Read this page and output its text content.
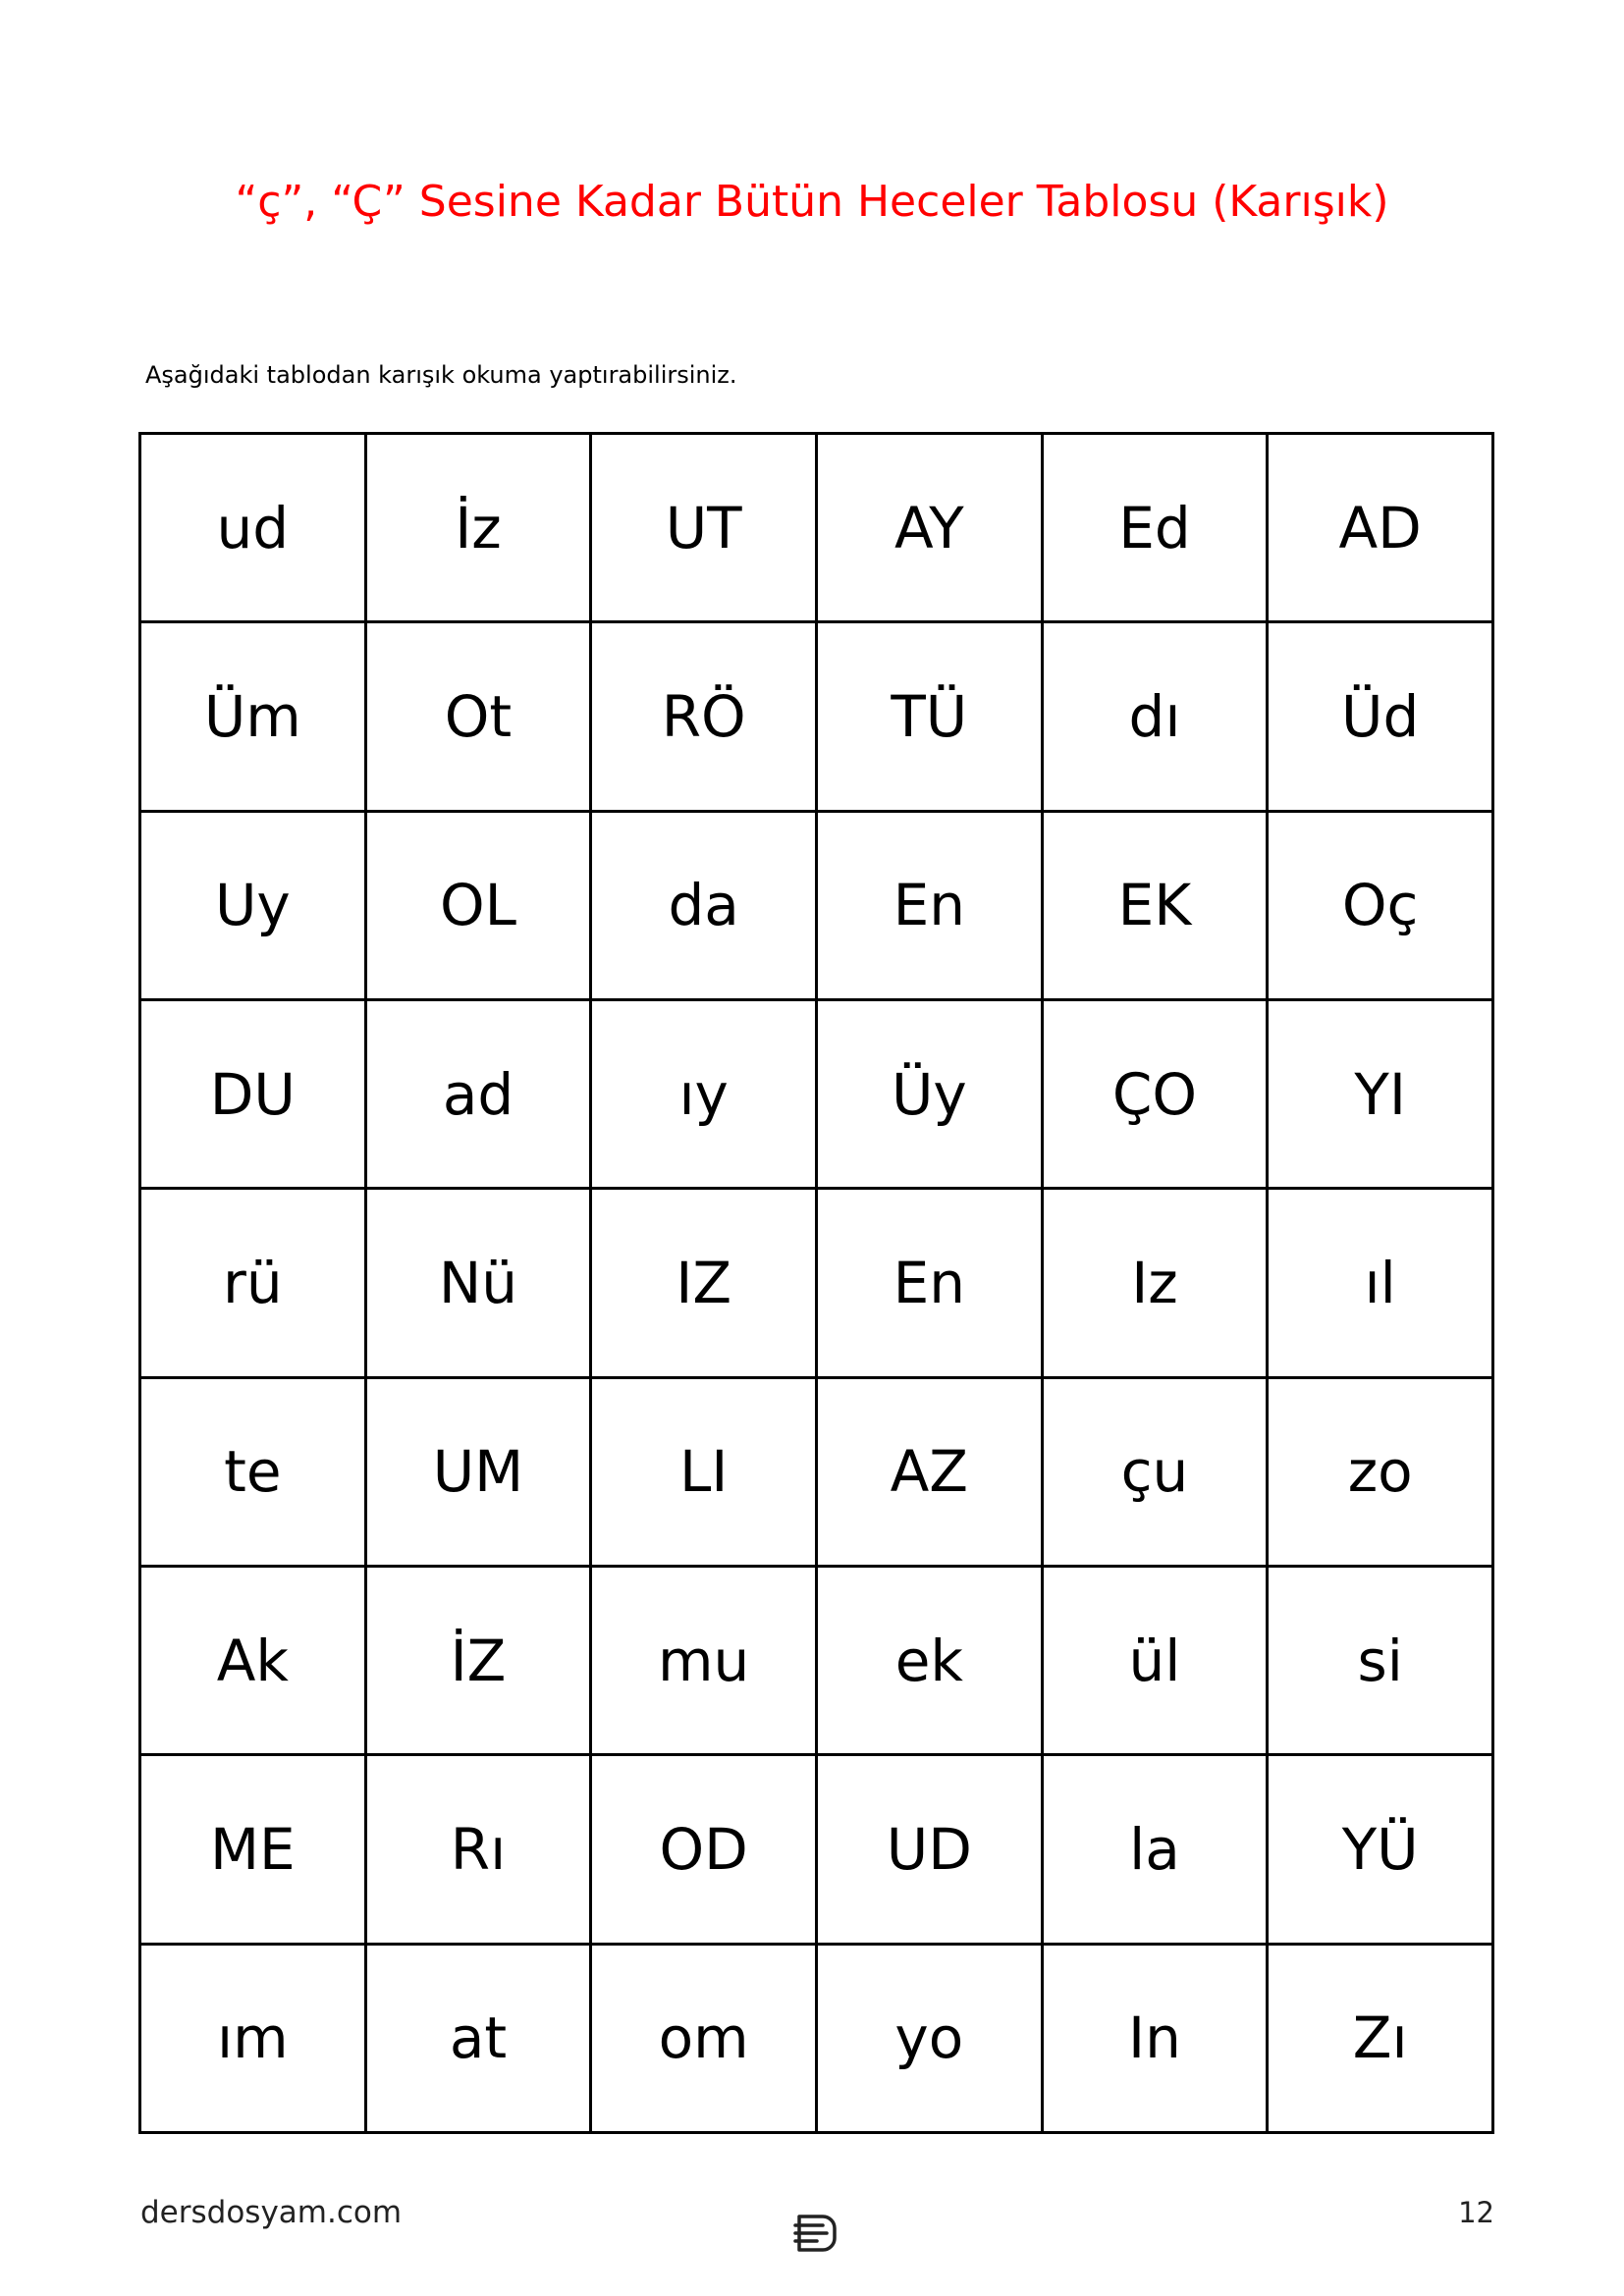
“ç”, “Ç” Sesine Kadar Bütün Heceler Tablosu (Karışık)
Aşağıdaki tablodan karışık okuma yaptırabilirsiniz.
ud	İz	UT	AY	Ed	AD
Üm	Ot	RÖ	TÜ	dı	Üd
Uy	OL	da	En	EK	Oç
DU	ad	ıy	Üy	ÇO	YI
rü	Nü	IZ	En	Iz	ıl
te	UM	LI	AZ	çu	zo
Ak	İZ	mu	ek	ül	si
ME	Rı	OD	UD	la	YÜ
ım	at	om	yo	In	Zı
dersdosyam.com	12
